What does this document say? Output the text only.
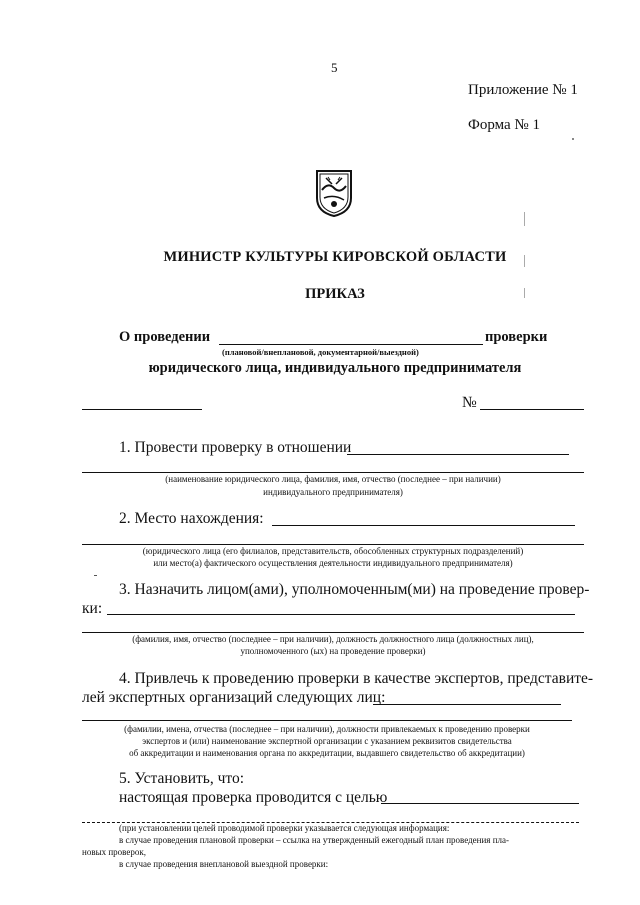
5
Приложение № 1
Форма № 1
МИНИСТР КУЛЬТУРЫ КИРОВСКОЙ ОБЛАСТИ
ПРИКАЗ
О проведении	проверки
(плановой/внеплановой, документарной/выездной)
юридического лица, индивидуального предпринимателя
№
1. Провести проверку в отношении
(наименование юридического лица, фамилия, имя, отчество (последнее – при наличии)
индивидуального предпринимателя)
2. Место нахождения:
(юридического лица (его филиалов, представительств, обособленных структурных подразделений)
или место(а) фактического осуществления деятельности индивидуального предпринимателя)
3. Назначить лицом(ами), уполномоченным(ми) на проведение провер-
ки:
(фамилия, имя, отчество (последнее – при наличии), должность должностного лица (должностных лиц),
уполномоченного (ых) на проведение проверки)
4. Привлечь к проведению проверки в качестве экспертов, представите-
лей экспертных организаций следующих лиц:
(фамилии, имена, отчества (последнее – при наличии), должности привлекаемых к проведению проверки
экспертов и (или) наименование экспертной организации с указанием реквизитов свидетельства
об аккредитации и наименования органа по аккредитации, выдавшего свидетельство об аккредитации)
5. Установить, что:
настоящая проверка проводится с целью
(при установлении целей проводимой проверки указывается следующая информация:
в случае проведения плановой проверки – ссылка на утвержденный ежегодный план проведения пла-
новых проверок,
в случае проведения внеплановой выездной проверки:
